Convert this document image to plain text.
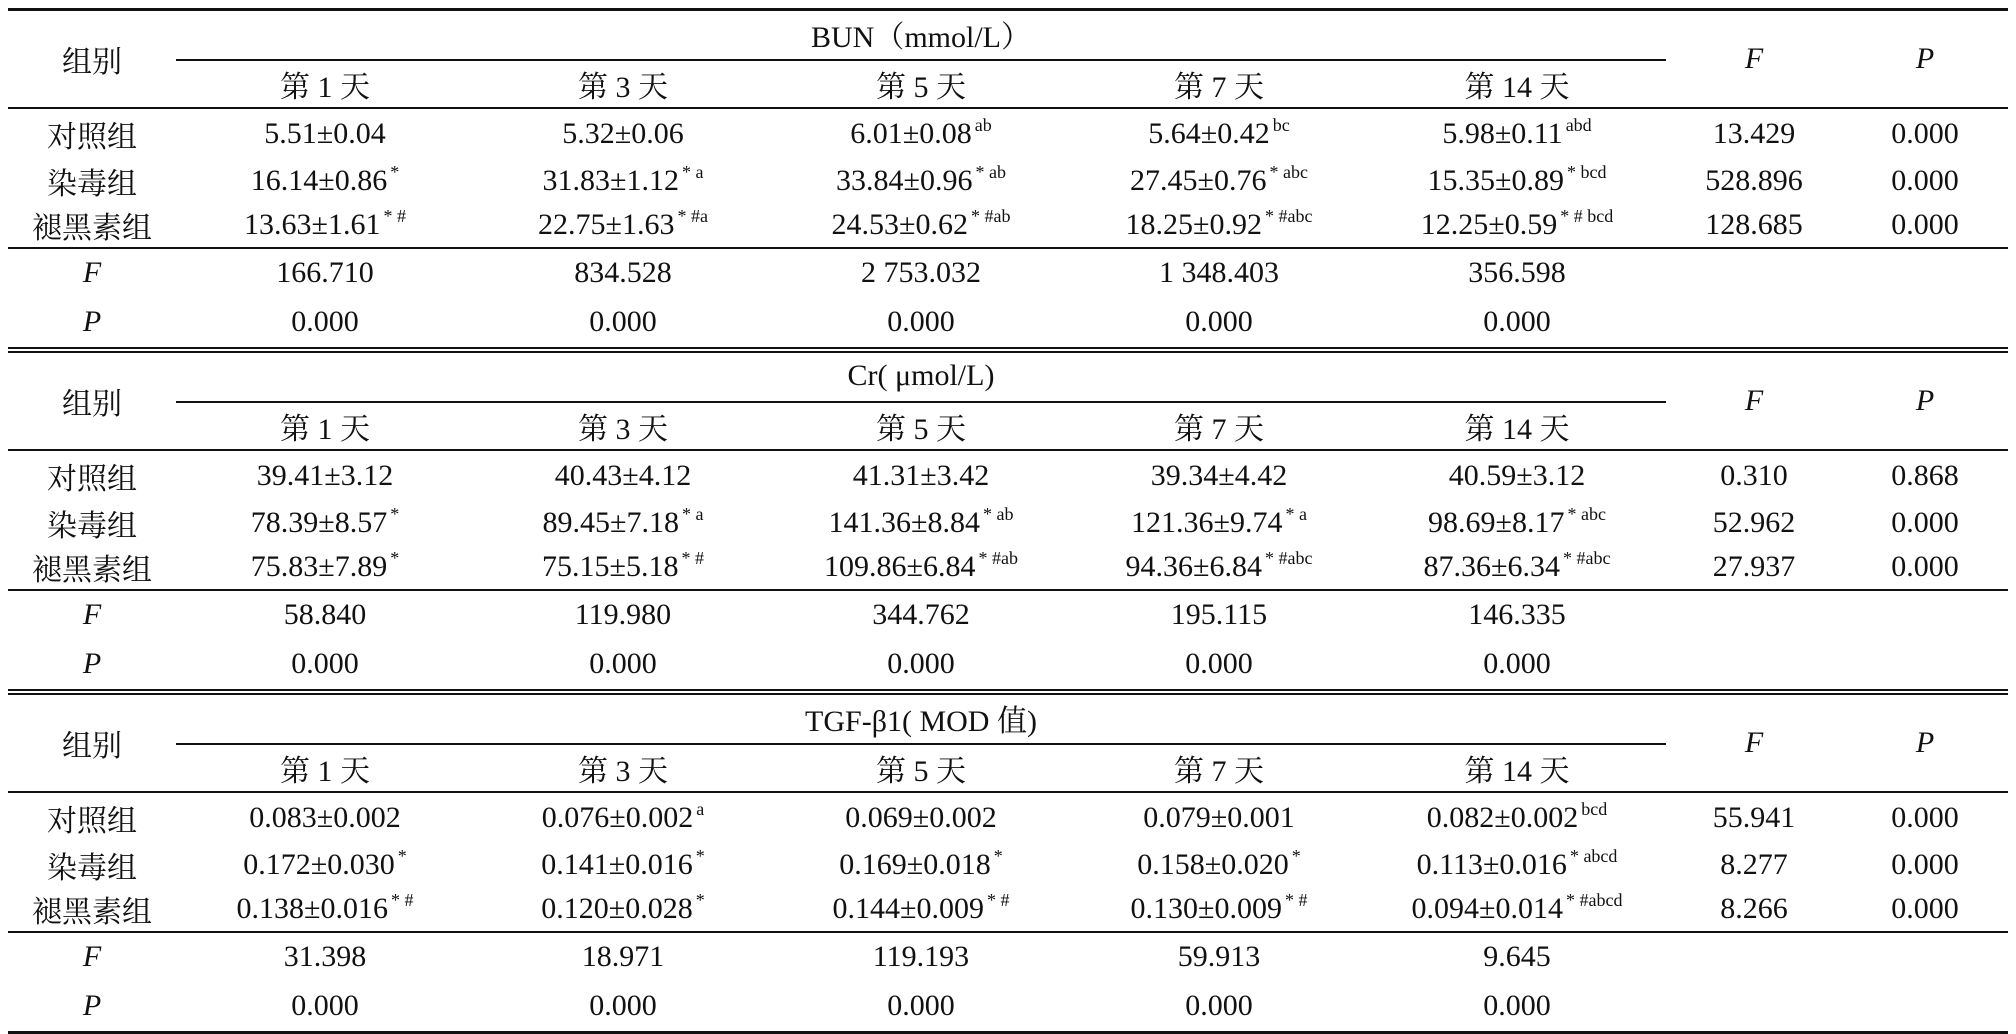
组别	BUN（mmol/L）					F	P
	第 1 天	第 3 天	第 5 天	第 7 天	第 14 天		
对照组	5.51±0.04	5.32±0.06	6.01±0.08 $^{ab}$	5.64±0.42 $^{bc}$	5.98±0.11 $^{abd}$	13.429	0.000
染毒组	16.14±0.86 *	31.83±1.12 $^{* a}$	33.84±0.96 $^{* ab}$	27.45±0.76 $^{* abc}$	15.35±0.89 $^{* bcd}$	528.896	0.000
褪黑素组	13.63±1.61 * #	22.75±1.63 $^{* \#a}$	24.53±0.62 $^{* \#ab}$	18.25±0.92 $^{* \#abc}$	12.25±0.59 $^{* \# bcd}$	128.685	0.000
F	166.710	834.528	2 753.032	1 348.403	356.598		
P	0.000	0.000	0.000	0.000	0.000		
组别	Cr( μmol/L)					F	P
	第 1 天	第 3 天	第 5 天	第 7 天	第 14 天		
对照组	39.41±3.12	40.43±4.12	41.31±3.42	39.34±4.42	40.59±3.12	0.310	0.868
染毒组	78.39±8.57 *	89.45±7.18 $^{* a}$	141.36±8.84 $^{* ab}$	121.36±9.74 $^{* a}$	98.69±8.17 $^{* abc}$	52.962	0.000
褪黑素组	75.83±7.89 *	75.15±5.18 * #	109.86±6.84 $^{* \#ab}$	94.36±6.84 $^{* \#abc}$	87.36±6.34 $^{* \#abc}$	27.937	0.000
F	58.840	119.980	344.762	195.115	146.335		
P	0.000	0.000	0.000	0.000	0.000		
组别	TGF-β1( MOD 值)					F	P
	第 1 天	第 3 天	第 5 天	第 7 天	第 14 天		
对照组	0.083±0.002	0.076±0.002 $^a$	0.069±0.002	0.079±0.001	0.082±0.002 $^{bcd}$	55.941	0.000
染毒组	0.172±0.030 *	0.141±0.016 *	0.169±0.018 *	0.158±0.020 *	0.113±0.016 $^{* abcd}$	8.277	0.000
褪黑素组	0.138±0.016 * #	0.120±0.028 *	0.144±0.009 * #	0.130±0.009 * #	0.094±0.014 $^{* \#abcd}$	8.266	0.000
F	31.398	18.971	119.193	59.913	9.645		
P	0.000	0.000	0.000	0.000	0.000		
